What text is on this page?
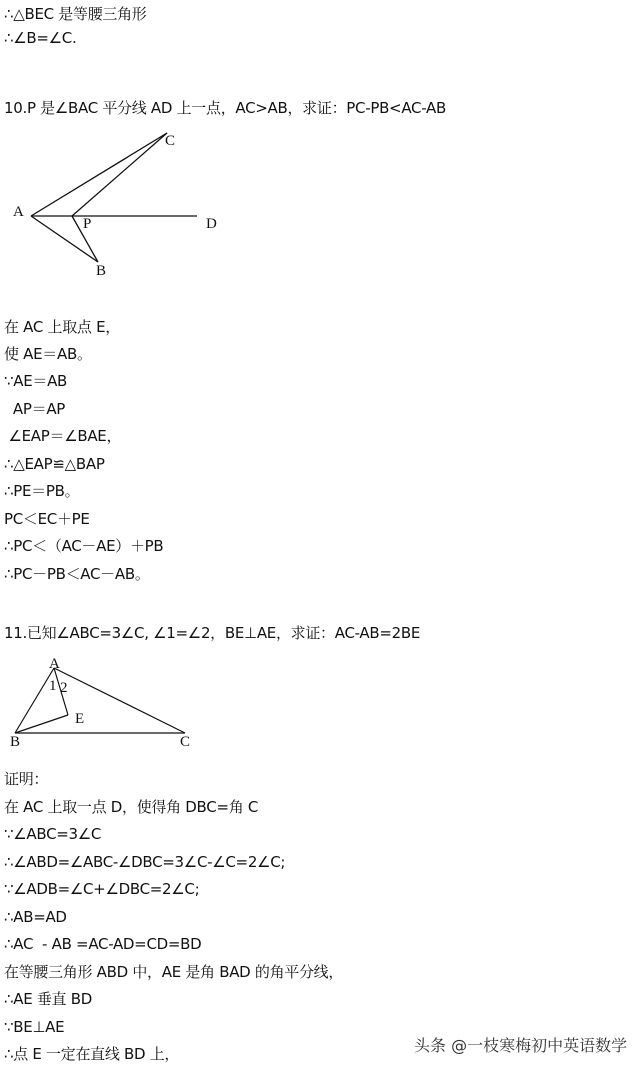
∴△BEC 是等腰三角形
∴∠B=∠C.
10.P 是∠BAC 平分线 AD 上一点，AC>AB，求证：PC-PB<AC-AB
A
P	D
C
B
在 AC 上取点 E，
使 AE＝AB。
∵AE＝AB
AP＝AP
∠EAP＝∠BAE，
∴△EAP≌△BAP
∴PE＝PB。
PC＜EC＋PE
∴PC＜（AC－AE）＋PB
∴PC－PB＜AC－AB。
11.已知∠ABC=3∠C, ∠1=∠2，BE⊥AE，求证：AC-AB=2BE
A
1 2
E
B	C
证明：
在 AC 上取一点 D，使得角 DBC=角 C
∵∠ABC=3∠C
∴∠ABD=∠ABC-∠DBC=3∠C-∠C=2∠C;
∵∠ADB=∠C+∠DBC=2∠C;
∴AB=AD
∴AC  - AB =AC-AD=CD=BD
在等腰三角形 ABD 中，AE 是角 BAD 的角平分线，
∴AE 垂直 BD
∵BE⊥AE
∴点 E 一定在直线 BD 上，	头条 @一枝寒梅初中英语数学
